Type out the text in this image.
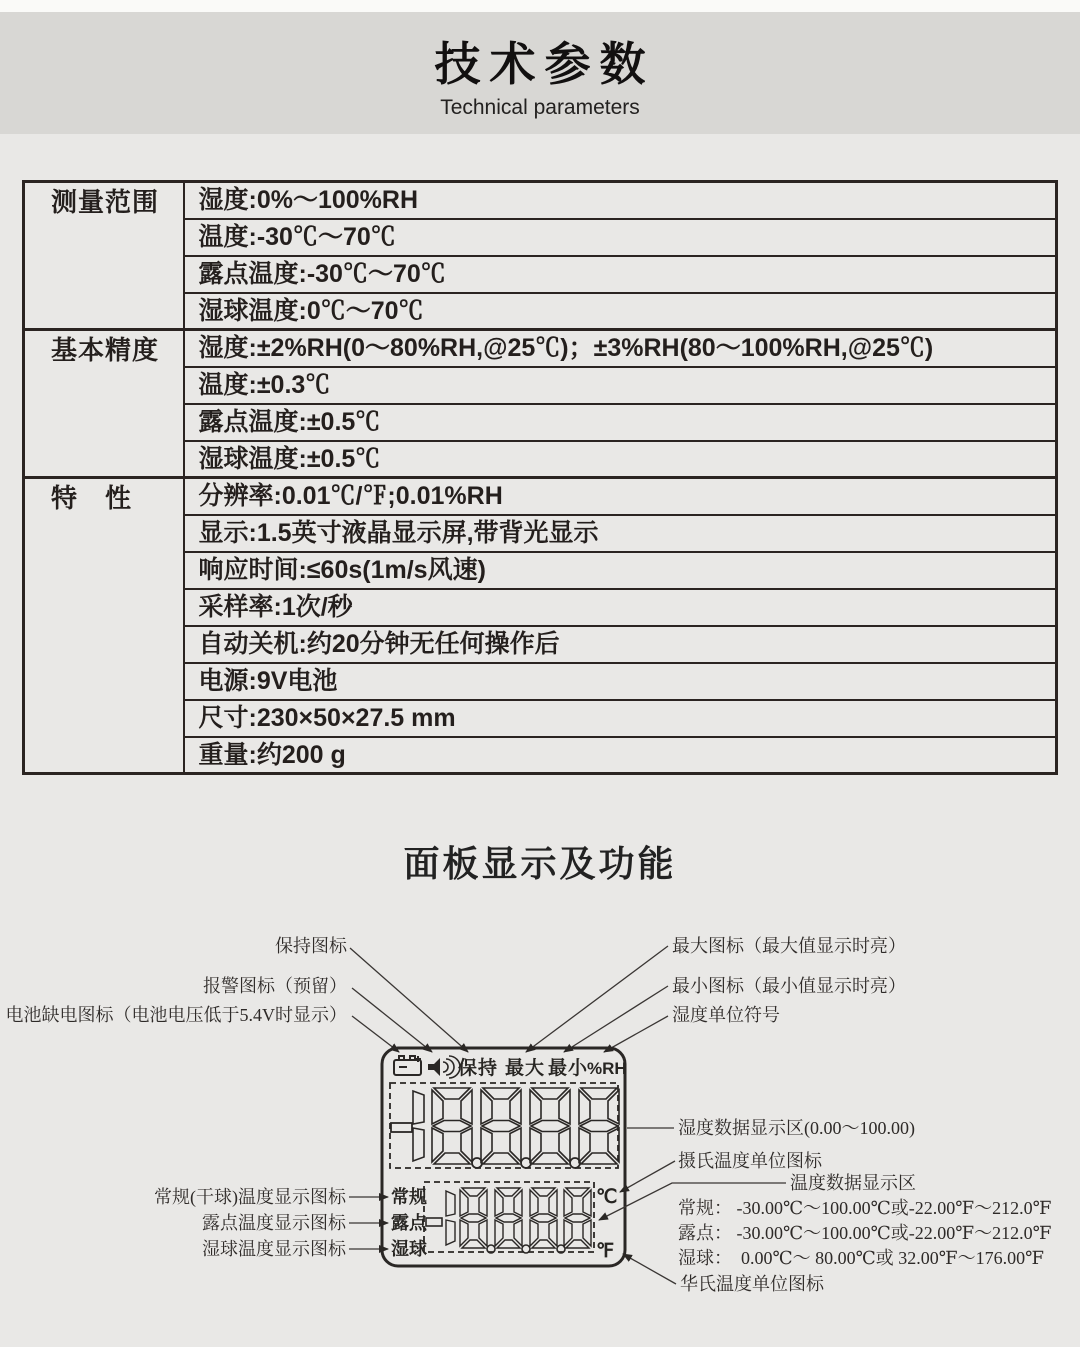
技术参数
Technical parameters
测量范围	湿度:0%～100%RH
	温度:-30℃～70℃
	露点温度:-30℃～70℃
	湿球温度:0℃～70℃
基本精度	湿度:±2%RH(0～80%RH,@25℃)；±3%RH(80～100%RH,@25℃)
	温度:±0.3℃
	露点温度:±0.5℃
	湿球温度:±0.5℃
特　性	分辨率:0.01℃/℉;0.01%RH
	显示:1.5英寸液晶显示屏,带背光显示
	响应时间:≤60s(1m/s风速)
	采样率:1次/秒
	自动关机:约20分钟无任何操作后
	电源:9V电池
	尺寸:230×50×27.5 mm
	重量:约200 g
面板显示及功能
保持图标
报警图标（预留）
电池缺电图标（电池电压低于5.4V时显示）
最大图标（最大值显示时亮）
最小图标（最小值显示时亮）
湿度单位符号
保持 最大 最小
%RH
常规
露点
湿球
℃
℉
常规(干球)温度显示图标
露点温度显示图标
湿球温度显示图标
湿度数据显示区(0.00～100.00)
摄氏温度单位图标
温度数据显示区
常规： -30.00℃～100.00℃或-22.00℉～212.0℉
露点： -30.00℃～100.00℃或-22.00℉～212.0℉
湿球：  0.00℃～ 80.00℃或 32.00℉～176.00℉
华氏温度单位图标
